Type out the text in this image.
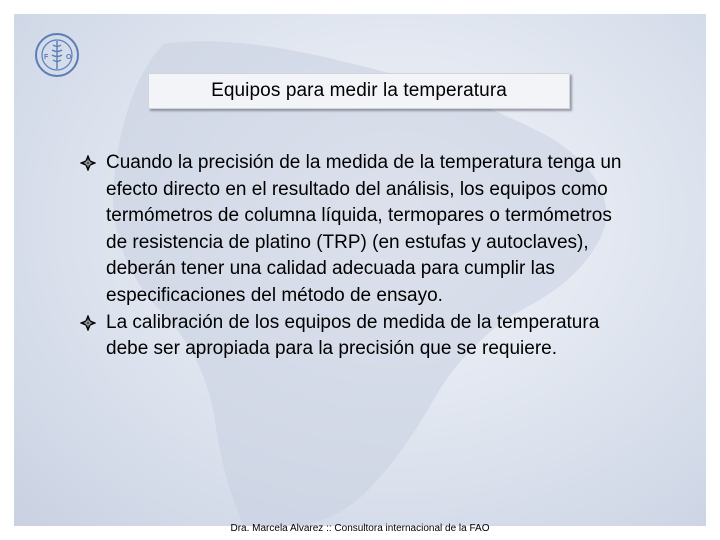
F	O
Equipos para medir la temperatura

Cuando la precisión de la medida de la temperatura tenga un efecto directo en el resultado del análisis, los equipos como termómetros de columna líquida, termopares o termómetros de resistencia de platino (TRP) (en estufas y autoclaves), deberán tener una calidad adecuada para cumplir las especificaciones del método de ensayo.

La calibración de los equipos de medida de la temperatura debe ser apropiada para la precisión que se requiere.

Dra. Marcela Alvarez :: Consultora internacional de la FAO
